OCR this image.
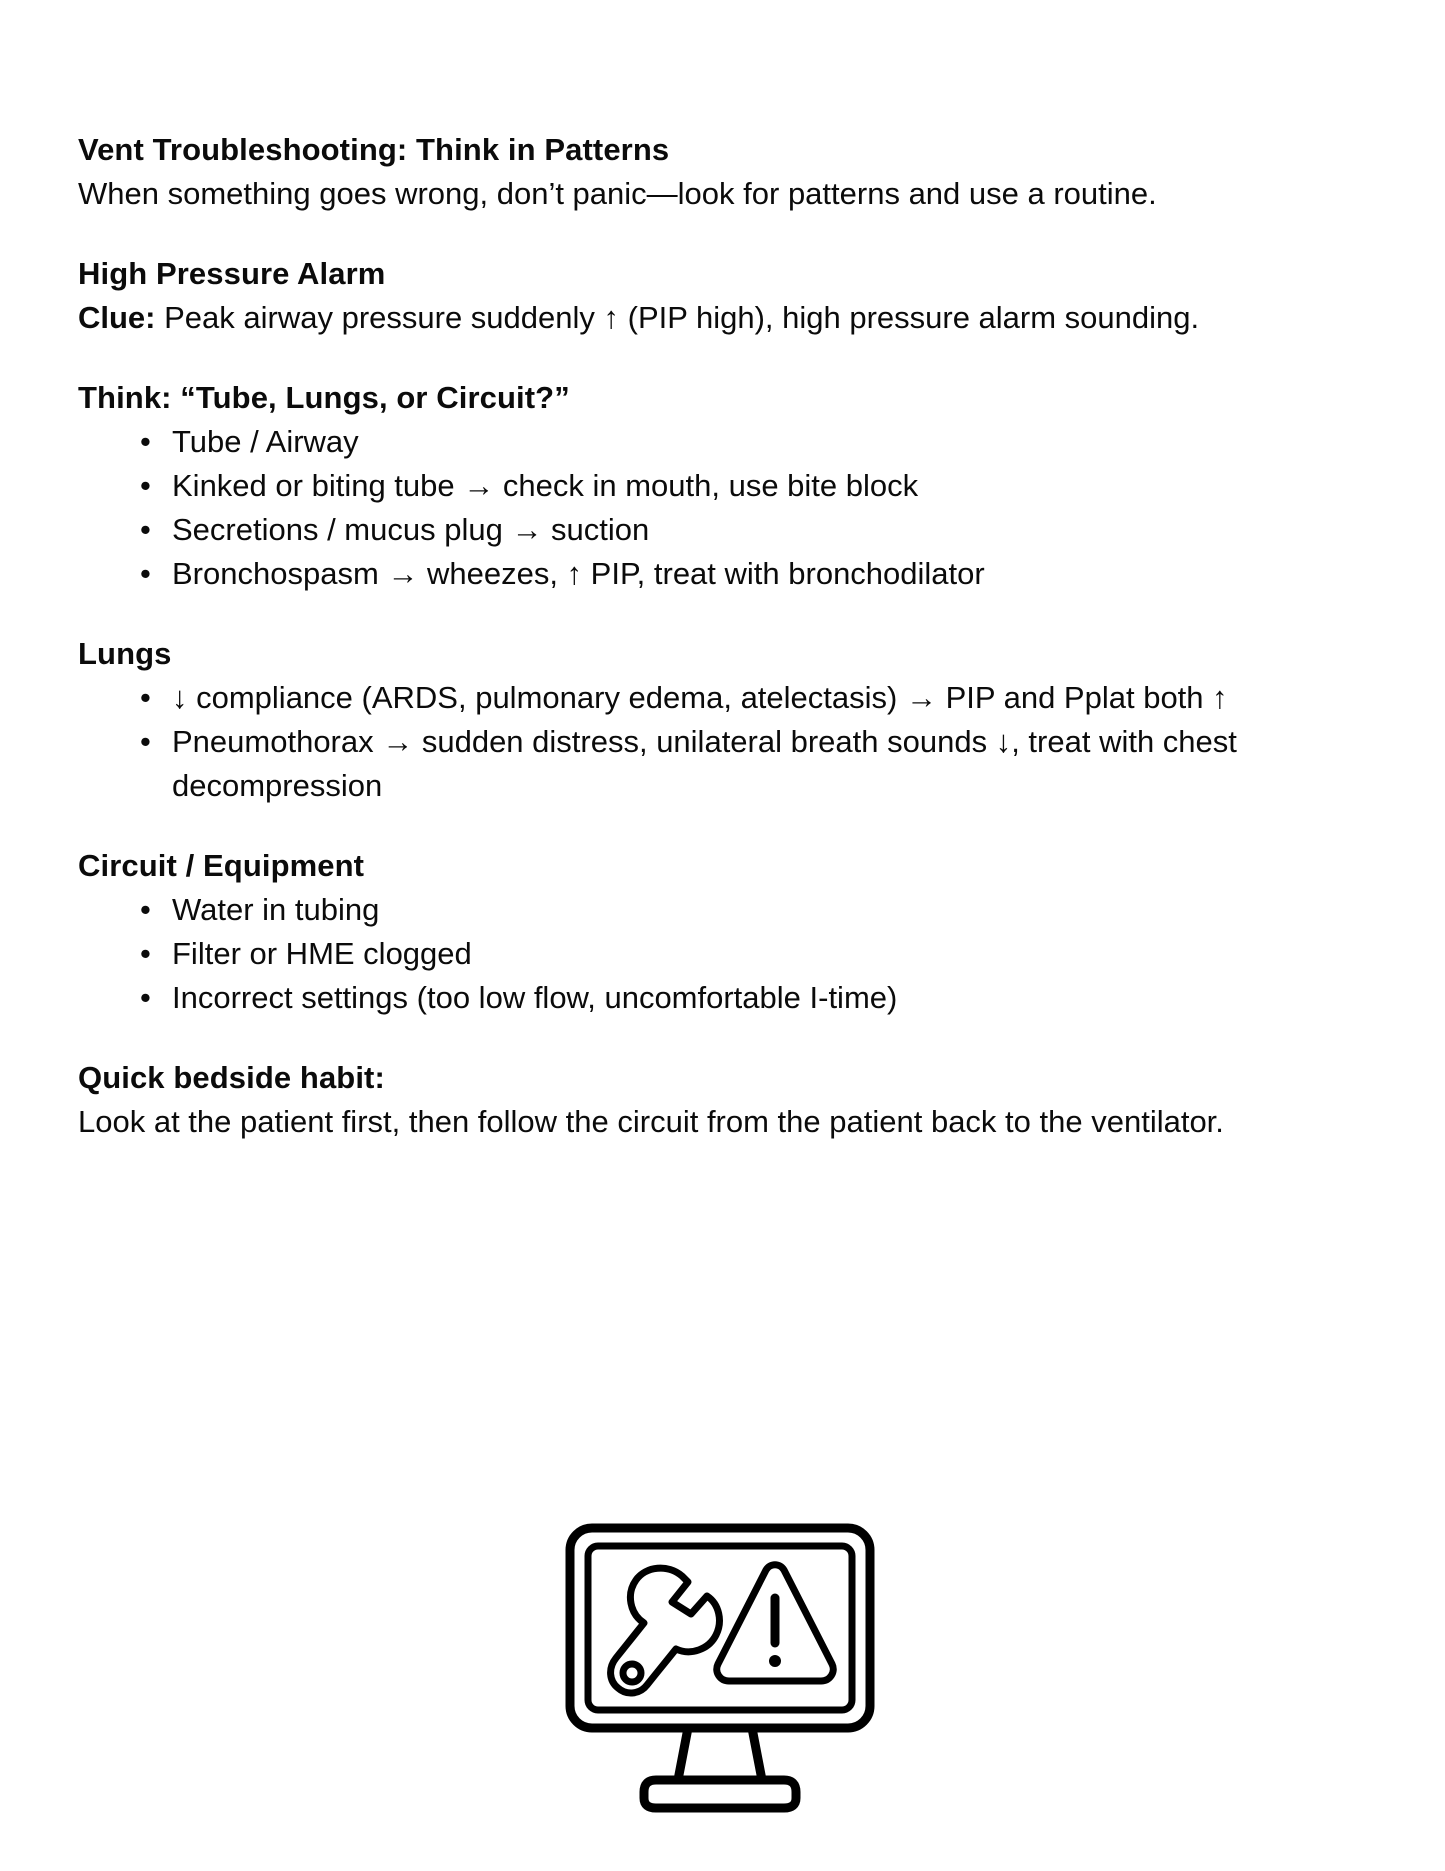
Vent Troubleshooting: Think in Patterns
When something goes wrong, don’t panic—look for patterns and use a routine.
High Pressure Alarm
Clue: Peak airway pressure suddenly ↑ (PIP high), high pressure alarm sounding.
Think: “Tube, Lungs, or Circuit?”
• Tube / Airway
• Kinked or biting tube → check in mouth, use bite block
• Secretions / mucus plug → suction
• Bronchospasm → wheezes, ↑ PIP, treat with bronchodilator
Lungs
• ↓ compliance (ARDS, pulmonary edema, atelectasis) → PIP and Pplat both ↑
• Pneumothorax → sudden distress, unilateral breath sounds ↓, treat with chest decompression
Circuit / Equipment
• Water in tubing
• Filter or HME clogged
• Incorrect settings (too low flow, uncomfortable I-time)
Quick bedside habit:
Look at the patient first, then follow the circuit from the patient back to the ventilator.
